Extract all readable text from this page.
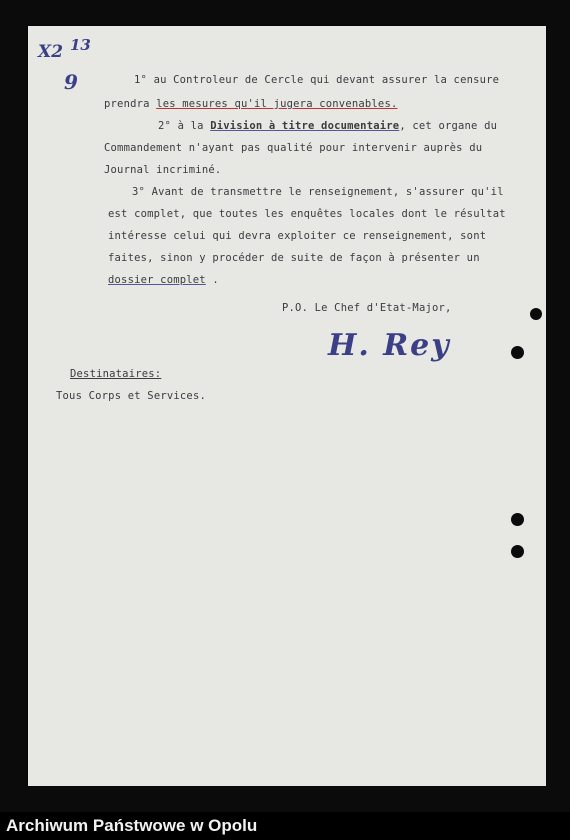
X2 13
9	1° au Controleur de Cercle qui devant assurer la censure
prendra les mesures qu'il jugera convenables.
2° à la Division à titre documentaire, cet organe du
Commandement n'ayant pas qualité pour intervenir auprès du
Journal incriminé.
3° Avant de transmettre le renseignement, s'assurer qu'il
est complet, que toutes les enquêtes locales dont le résultat
intéresse celui qui devra exploiter ce renseignement, sont
faites, sinon y procéder de suite de façon à présenter un
dossier complet .
P.O. Le Chef d'Etat-Major,
H. Rey
Destinataires:
Tous Corps et Services.
Archiwum Państwowe w Opolu
